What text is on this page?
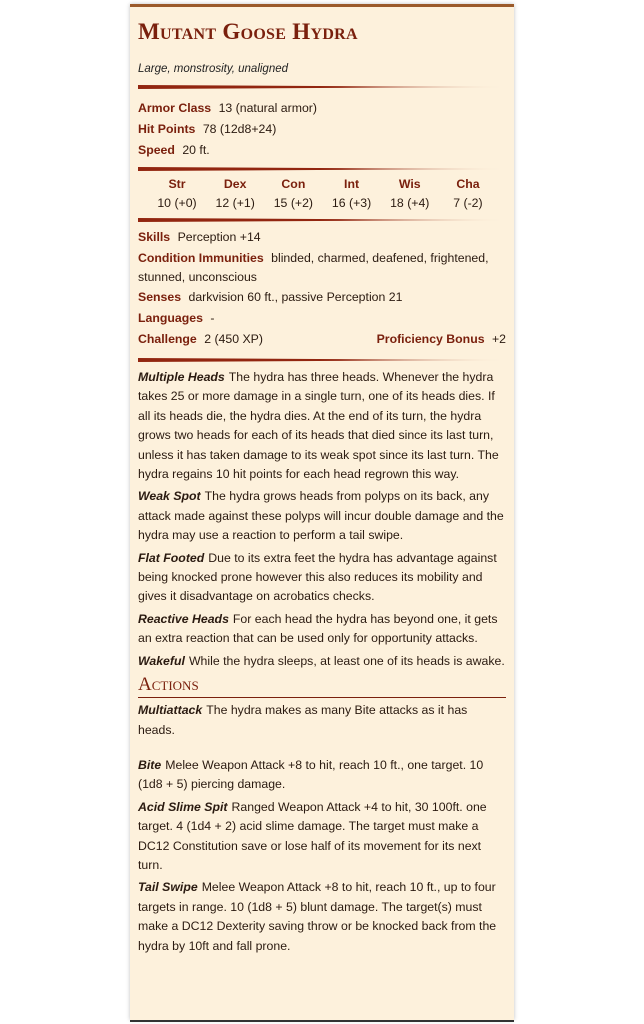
Mutant Goose Hydra
Large, monstrosity, unaligned
Armor Class 13 (natural armor)
Hit Points 78 (12d8+24)
Speed 20 ft.
Str
10 (+0)
Dex
12 (+1)
Con
15 (+2)
Int
16 (+3)
Wis
18 (+4)
Cha
7 (-2)
Skills Perception +14
Condition Immunities blinded, charmed, deafened, frightened, stunned, unconscious
Senses darkvision 60 ft., passive Perception 21
Languages -
Challenge 2 (450 XP)	Proficiency Bonus +2
Multiple Heads The hydra has three heads. Whenever the hydra takes 25 or more damage in a single turn, one of its heads dies. If all its heads die, the hydra dies. At the end of its turn, the hydra grows two heads for each of its heads that died since its last turn, unless it has taken damage to its weak spot since its last turn. The hydra regains 10 hit points for each head regrown this way.
Weak Spot The hydra grows heads from polyps on its back, any attack made against these polyps will incur double damage and the hydra may use a reaction to perform a tail swipe.
Flat Footed Due to its extra feet the hydra has advantage against being knocked prone however this also reduces its mobility and gives it disadvantage on acrobatics checks.
Reactive Heads For each head the hydra has beyond one, it gets an extra reaction that can be used only for opportunity attacks.
Wakeful While the hydra sleeps, at least one of its heads is awake.
Actions
Multiattack The hydra makes as many Bite attacks as it has heads.
Bite Melee Weapon Attack +8 to hit, reach 10 ft., one target. 10 (1d8 + 5) piercing damage.
Acid Slime Spit Ranged Weapon Attack +4 to hit, 30 100ft. one target. 4 (1d4 + 2) acid slime damage. The target must make a DC12 Constitution save or lose half of its movement for its next turn.
Tail Swipe Melee Weapon Attack +8 to hit, reach 10 ft., up to four targets in range. 10 (1d8 + 5) blunt damage. The target(s) must make a DC12 Dexterity saving throw or be knocked back from the hydra by 10ft and fall prone.
